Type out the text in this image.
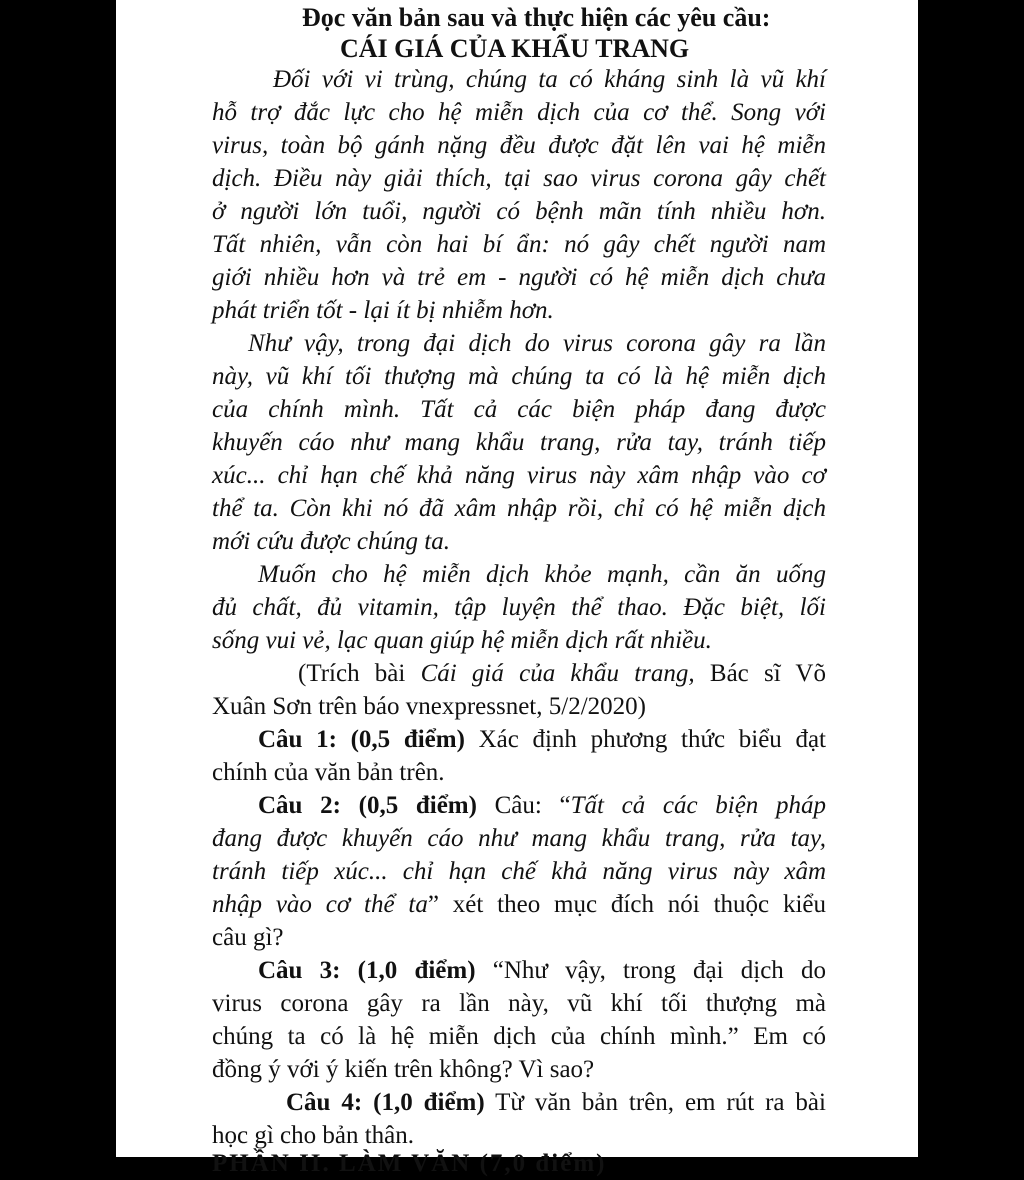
Đọc văn bản sau và thực hiện các yêu cầu:
CÁI GIÁ CỦA KHẨU TRANG
Đối với vi trùng, chúng ta có kháng sinh là vũ khí
hỗ trợ đắc lực cho hệ miễn dịch của cơ thể. Song với
virus, toàn bộ gánh nặng đều được đặt lên vai hệ miễn
dịch. Điều này giải thích, tại sao virus corona gây chết
ở người lớn tuổi, người có bệnh mãn tính nhiều hơn.
Tất nhiên, vẫn còn hai bí ẩn: nó gây chết người nam
giới nhiều hơn và trẻ em - người có hệ miễn dịch chưa
phát triển tốt - lại ít bị nhiễm hơn.
Như vậy, trong đại dịch do virus corona gây ra lần
này, vũ khí tối thượng mà chúng ta có là hệ miễn dịch
của chính mình. Tất cả các biện pháp đang được
khuyến cáo như mang khẩu trang, rửa tay, tránh tiếp
xúc... chỉ hạn chế khả năng virus này xâm nhập vào cơ
thể ta. Còn khi nó đã xâm nhập rồi, chỉ có hệ miễn dịch
mới cứu được chúng ta.
Muốn cho hệ miễn dịch khỏe mạnh, cần ăn uống
đủ chất, đủ vitamin, tập luyện thể thao. Đặc biệt, lối
sống vui vẻ, lạc quan giúp hệ miễn dịch rất nhiều.
(Trích bài Cái giá của khẩu trang, Bác sĩ Võ
Xuân Sơn trên báo vnexpressnet, 5/2/2020)
Câu 1: (0,5 điểm) Xác định phương thức biểu đạt
chính của văn bản trên.
Câu 2: (0,5 điểm) Câu: “Tất cả các biện pháp
đang được khuyến cáo như mang khẩu trang, rửa tay,
tránh tiếp xúc... chỉ hạn chế khả năng virus này xâm
nhập vào cơ thể ta” xét theo mục đích nói thuộc kiểu
câu gì?
Câu 3: (1,0 điểm) “Như vậy, trong đại dịch do
virus corona gây ra lần này, vũ khí tối thượng mà
chúng ta có là hệ miễn dịch của chính mình.” Em có
đồng ý với ý kiến trên không? Vì sao?
Câu 4: (1,0 điểm) Từ văn bản trên, em rút ra bài
học gì cho bản thân.
PHẦN II. LÀM VĂN (7,0 điểm)
